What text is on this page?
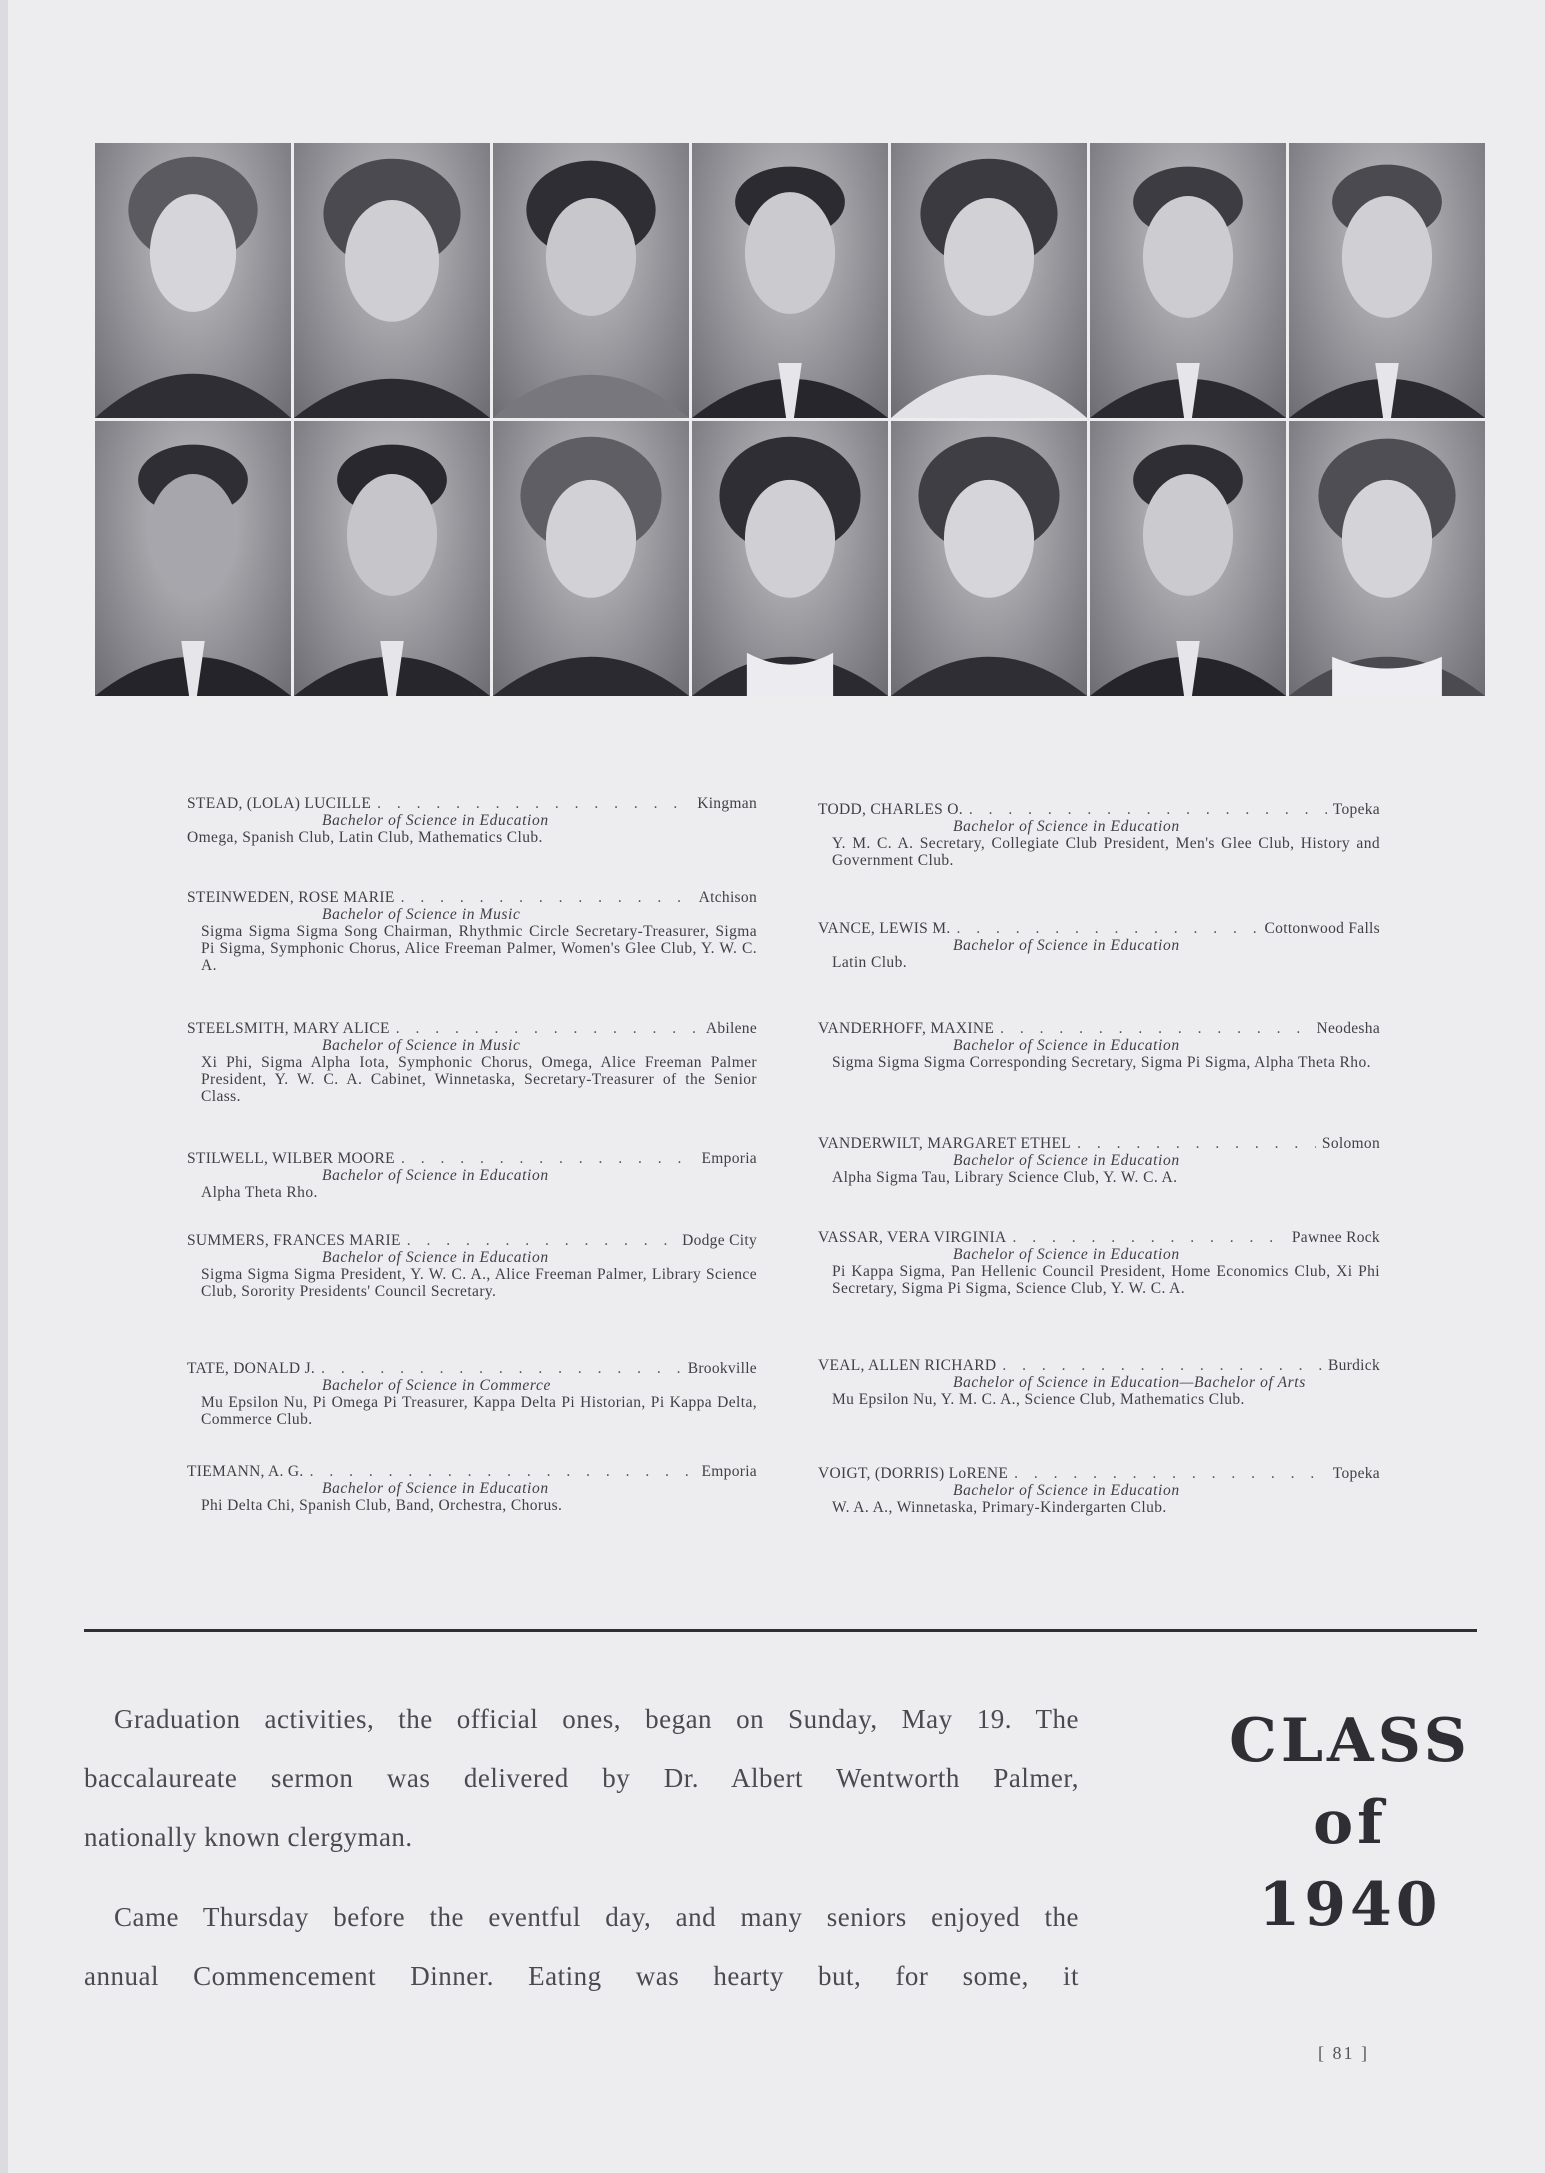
STEAD, (LOLA) LUCILLE . . .	Kingman
Bachelor of Science in Education
Omega, Spanish Club, Latin Club, Mathematics Club.
STEINWEDEN, ROSE MARIE . . .	Atchison
Bachelor of Science in Music
Sigma Sigma Sigma Song Chairman, Rhythmic Circle Secretary-Treasurer, Sigma Pi Sigma, Symphonic Chorus, Alice Freeman Palmer, Women's Glee Club, Y. W. C. A.
STEELSMITH, MARY ALICE . . .	Abilene
Bachelor of Science in Music
Xi Phi, Sigma Alpha Iota, Symphonic Chorus, Omega, Alice Freeman Palmer President, Y. W. C. A. Cabinet, Winnetaska, Secretary-Treasurer of the Senior Class.
STILWELL, WILBER MOORE . . .	Emporia
Bachelor of Science in Education
Alpha Theta Rho.
SUMMERS, FRANCES MARIE . . .	Dodge City
Bachelor of Science in Education
Sigma Sigma Sigma President, Y. W. C. A., Alice Freeman Palmer, Library Science Club, Sorority Presidents' Council Secretary.
TATE, DONALD J. . . .	Brookville
Bachelor of Science in Commerce
Mu Epsilon Nu, Pi Omega Pi Treasurer, Kappa Delta Pi Historian, Pi Kappa Delta, Commerce Club.
TIEMANN, A. G. . . .	Emporia
Bachelor of Science in Education
Phi Delta Chi, Spanish Club, Band, Orchestra, Chorus.
TODD, CHARLES O. . . .	Topeka
Bachelor of Science in Education
Y. M. C. A. Secretary, Collegiate Club President, Men's Glee Club, History and Government Club.
VANCE, LEWIS M. . . .	Cottonwood Falls
Bachelor of Science in Education
Latin Club.
VANDERHOFF, MAXINE . . .	Neodesha
Bachelor of Science in Education
Sigma Sigma Sigma Corresponding Secretary, Sigma Pi Sigma, Alpha Theta Rho.
VANDERWILT, MARGARET ETHEL . . .	Solomon
Bachelor of Science in Education
Alpha Sigma Tau, Library Science Club, Y. W. C. A.
VASSAR, VERA VIRGINIA . . .	Pawnee Rock
Bachelor of Science in Education
Pi Kappa Sigma, Pan Hellenic Council President, Home Economics Club, Xi Phi Secretary, Sigma Pi Sigma, Science Club, Y. W. C. A.
VEAL, ALLEN RICHARD . . .	Burdick
Bachelor of Science in Education—Bachelor of Arts
Mu Epsilon Nu, Y. M. C. A., Science Club, Mathematics Club.
VOIGT, (DORRIS) LoRENE . . .	Topeka
Bachelor of Science in Education
W. A. A., Winnetaska, Primary-Kindergarten Club.

Graduation activities, the official ones, began on Sunday, May 19. The

baccalaureate sermon was delivered by Dr. Albert Wentworth Palmer,

nationally known clergyman.

Came Thursday before the eventful day, and many seniors enjoyed the

annual Commencement Dinner. Eating was hearty but, for some, it

CLASS
of
1940
[ 81 ]
